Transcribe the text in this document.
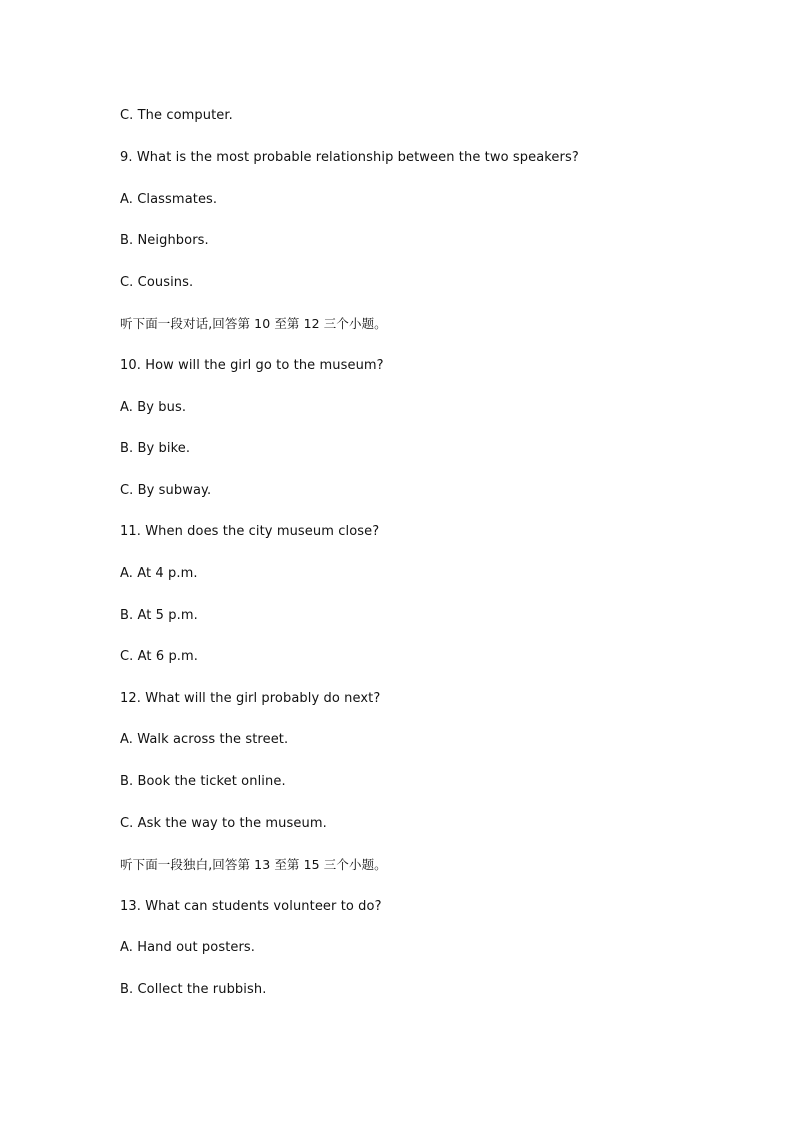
C. The computer.
9. What is the most probable relationship between the two speakers?
A. Classmates.
B. Neighbors.
C. Cousins.
听下面一段对话,回答第 10 至第 12 三个小题。
10. How will the girl go to the museum?
A. By bus.
B. By bike.
C. By subway.
11. When does the city museum close?
A. At 4 p.m.
B. At 5 p.m.
C. At 6 p.m.
12. What will the girl probably do next?
A. Walk across the street.
B. Book the ticket online.
C. Ask the way to the museum.
听下面一段独白,回答第 13 至第 15 三个小题。
13. What can students volunteer to do?
A. Hand out posters.
B. Collect the rubbish.
